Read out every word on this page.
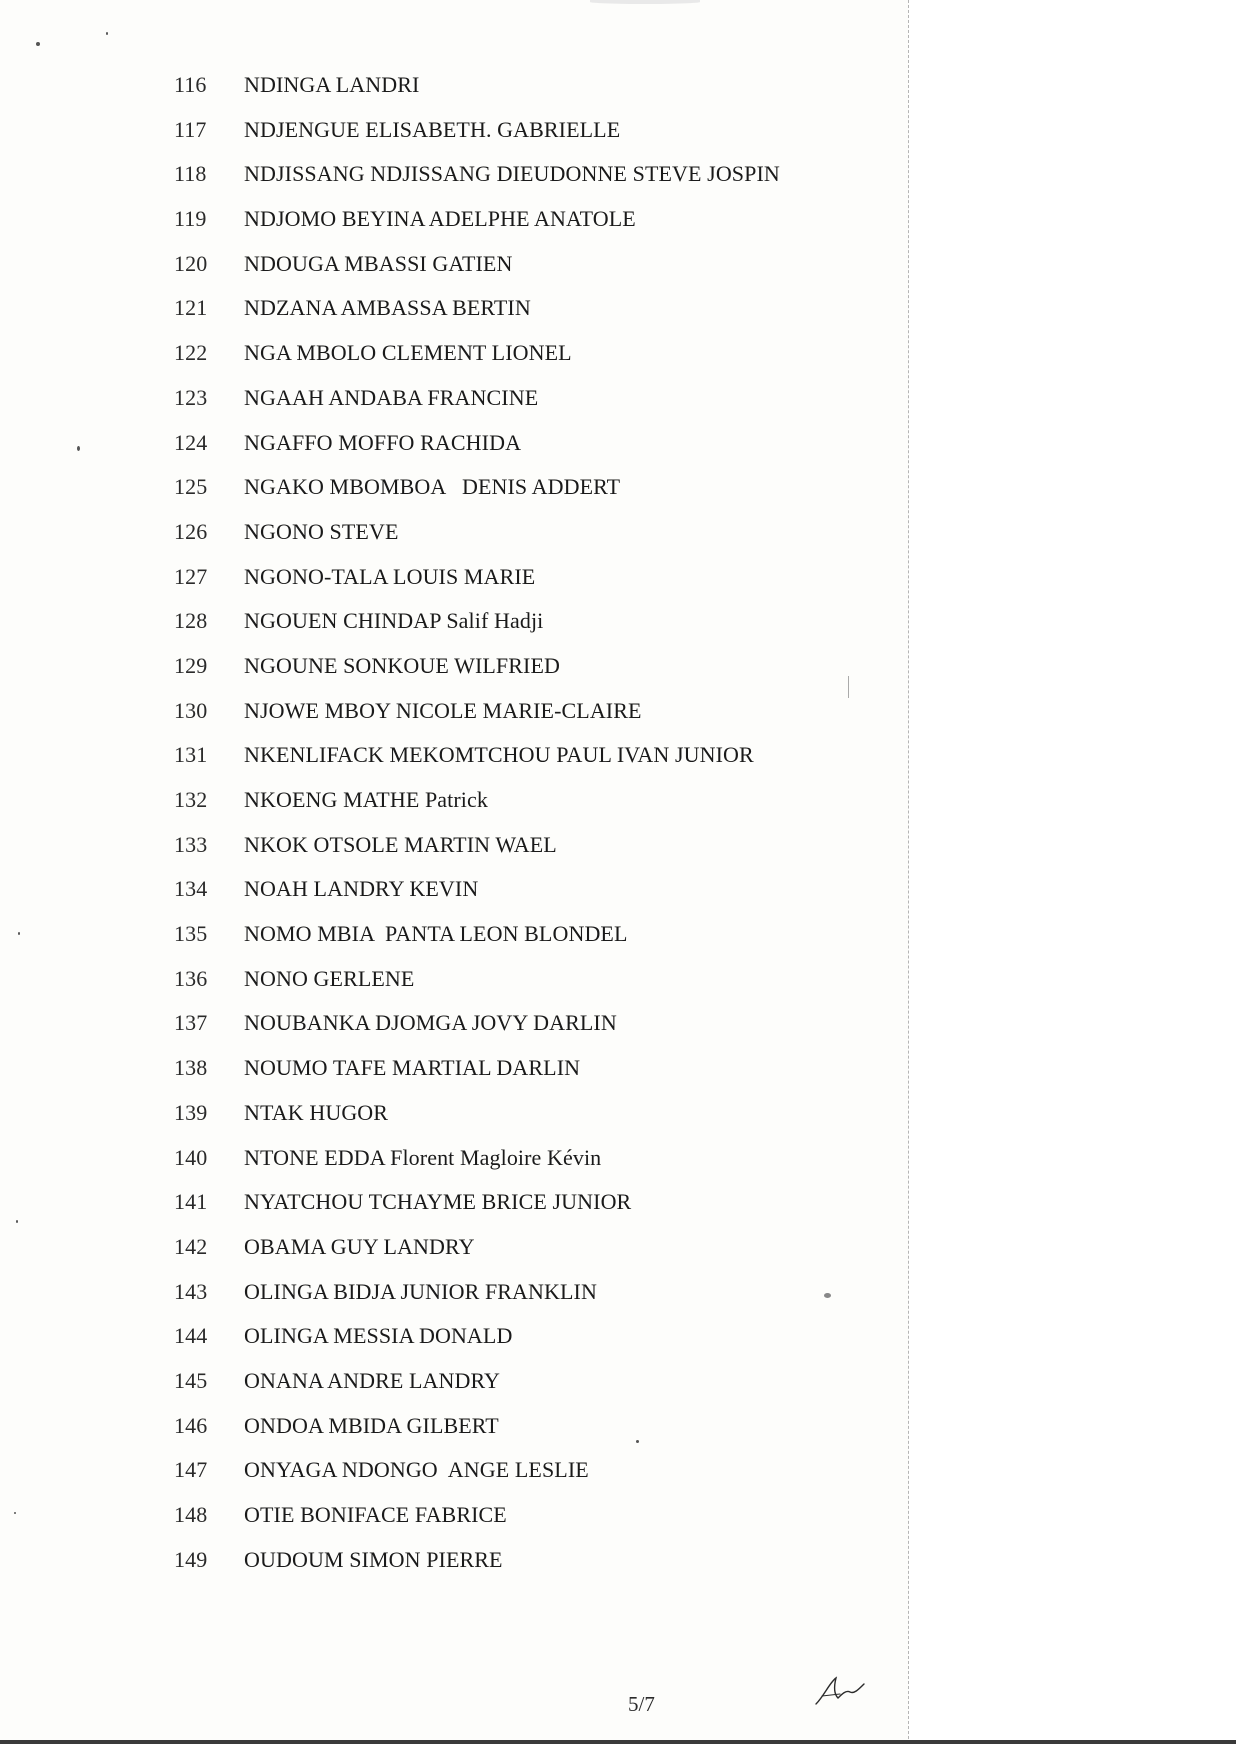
116	NDINGA LANDRI
117	NDJENGUE ELISABETH. GABRIELLE
118	NDJISSANG NDJISSANG DIEUDONNE STEVE JOSPIN
119	NDJOMO BEYINA ADELPHE ANATOLE
120	NDOUGA MBASSI GATIEN
121	NDZANA AMBASSA BERTIN
122	NGA MBOLO CLEMENT LIONEL
123	NGAAH ANDABA FRANCINE
124	NGAFFO MOFFO RACHIDA
125	NGAKO MBOMBOA   DENIS ADDERT
126	NGONO STEVE
127	NGONO-TALA LOUIS MARIE
128	NGOUEN CHINDAP Salif Hadji
129	NGOUNE SONKOUE WILFRIED
130	NJOWE MBOY NICOLE MARIE-CLAIRE
131	NKENLIFACK MEKOMTCHOU PAUL IVAN JUNIOR
132	NKOENG MATHE Patrick
133	NKOK OTSOLE MARTIN WAEL
134	NOAH LANDRY KEVIN
135	NOMO MBIA  PANTA LEON BLONDEL
136	NONO GERLENE
137	NOUBANKA DJOMGA JOVY DARLIN
138	NOUMO TAFE MARTIAL DARLIN
139	NTAK HUGOR
140	NTONE EDDA Florent Magloire Kévin
141	NYATCHOU TCHAYME BRICE JUNIOR
142	OBAMA GUY LANDRY
143	OLINGA BIDJA JUNIOR FRANKLIN
144	OLINGA MESSIA DONALD
145	ONANA ANDRE LANDRY
146	ONDOA MBIDA GILBERT
147	ONYAGA NDONGO  ANGE LESLIE
148	OTIE BONIFACE FABRICE
149	OUDOUM SIMON PIERRE
5/7
